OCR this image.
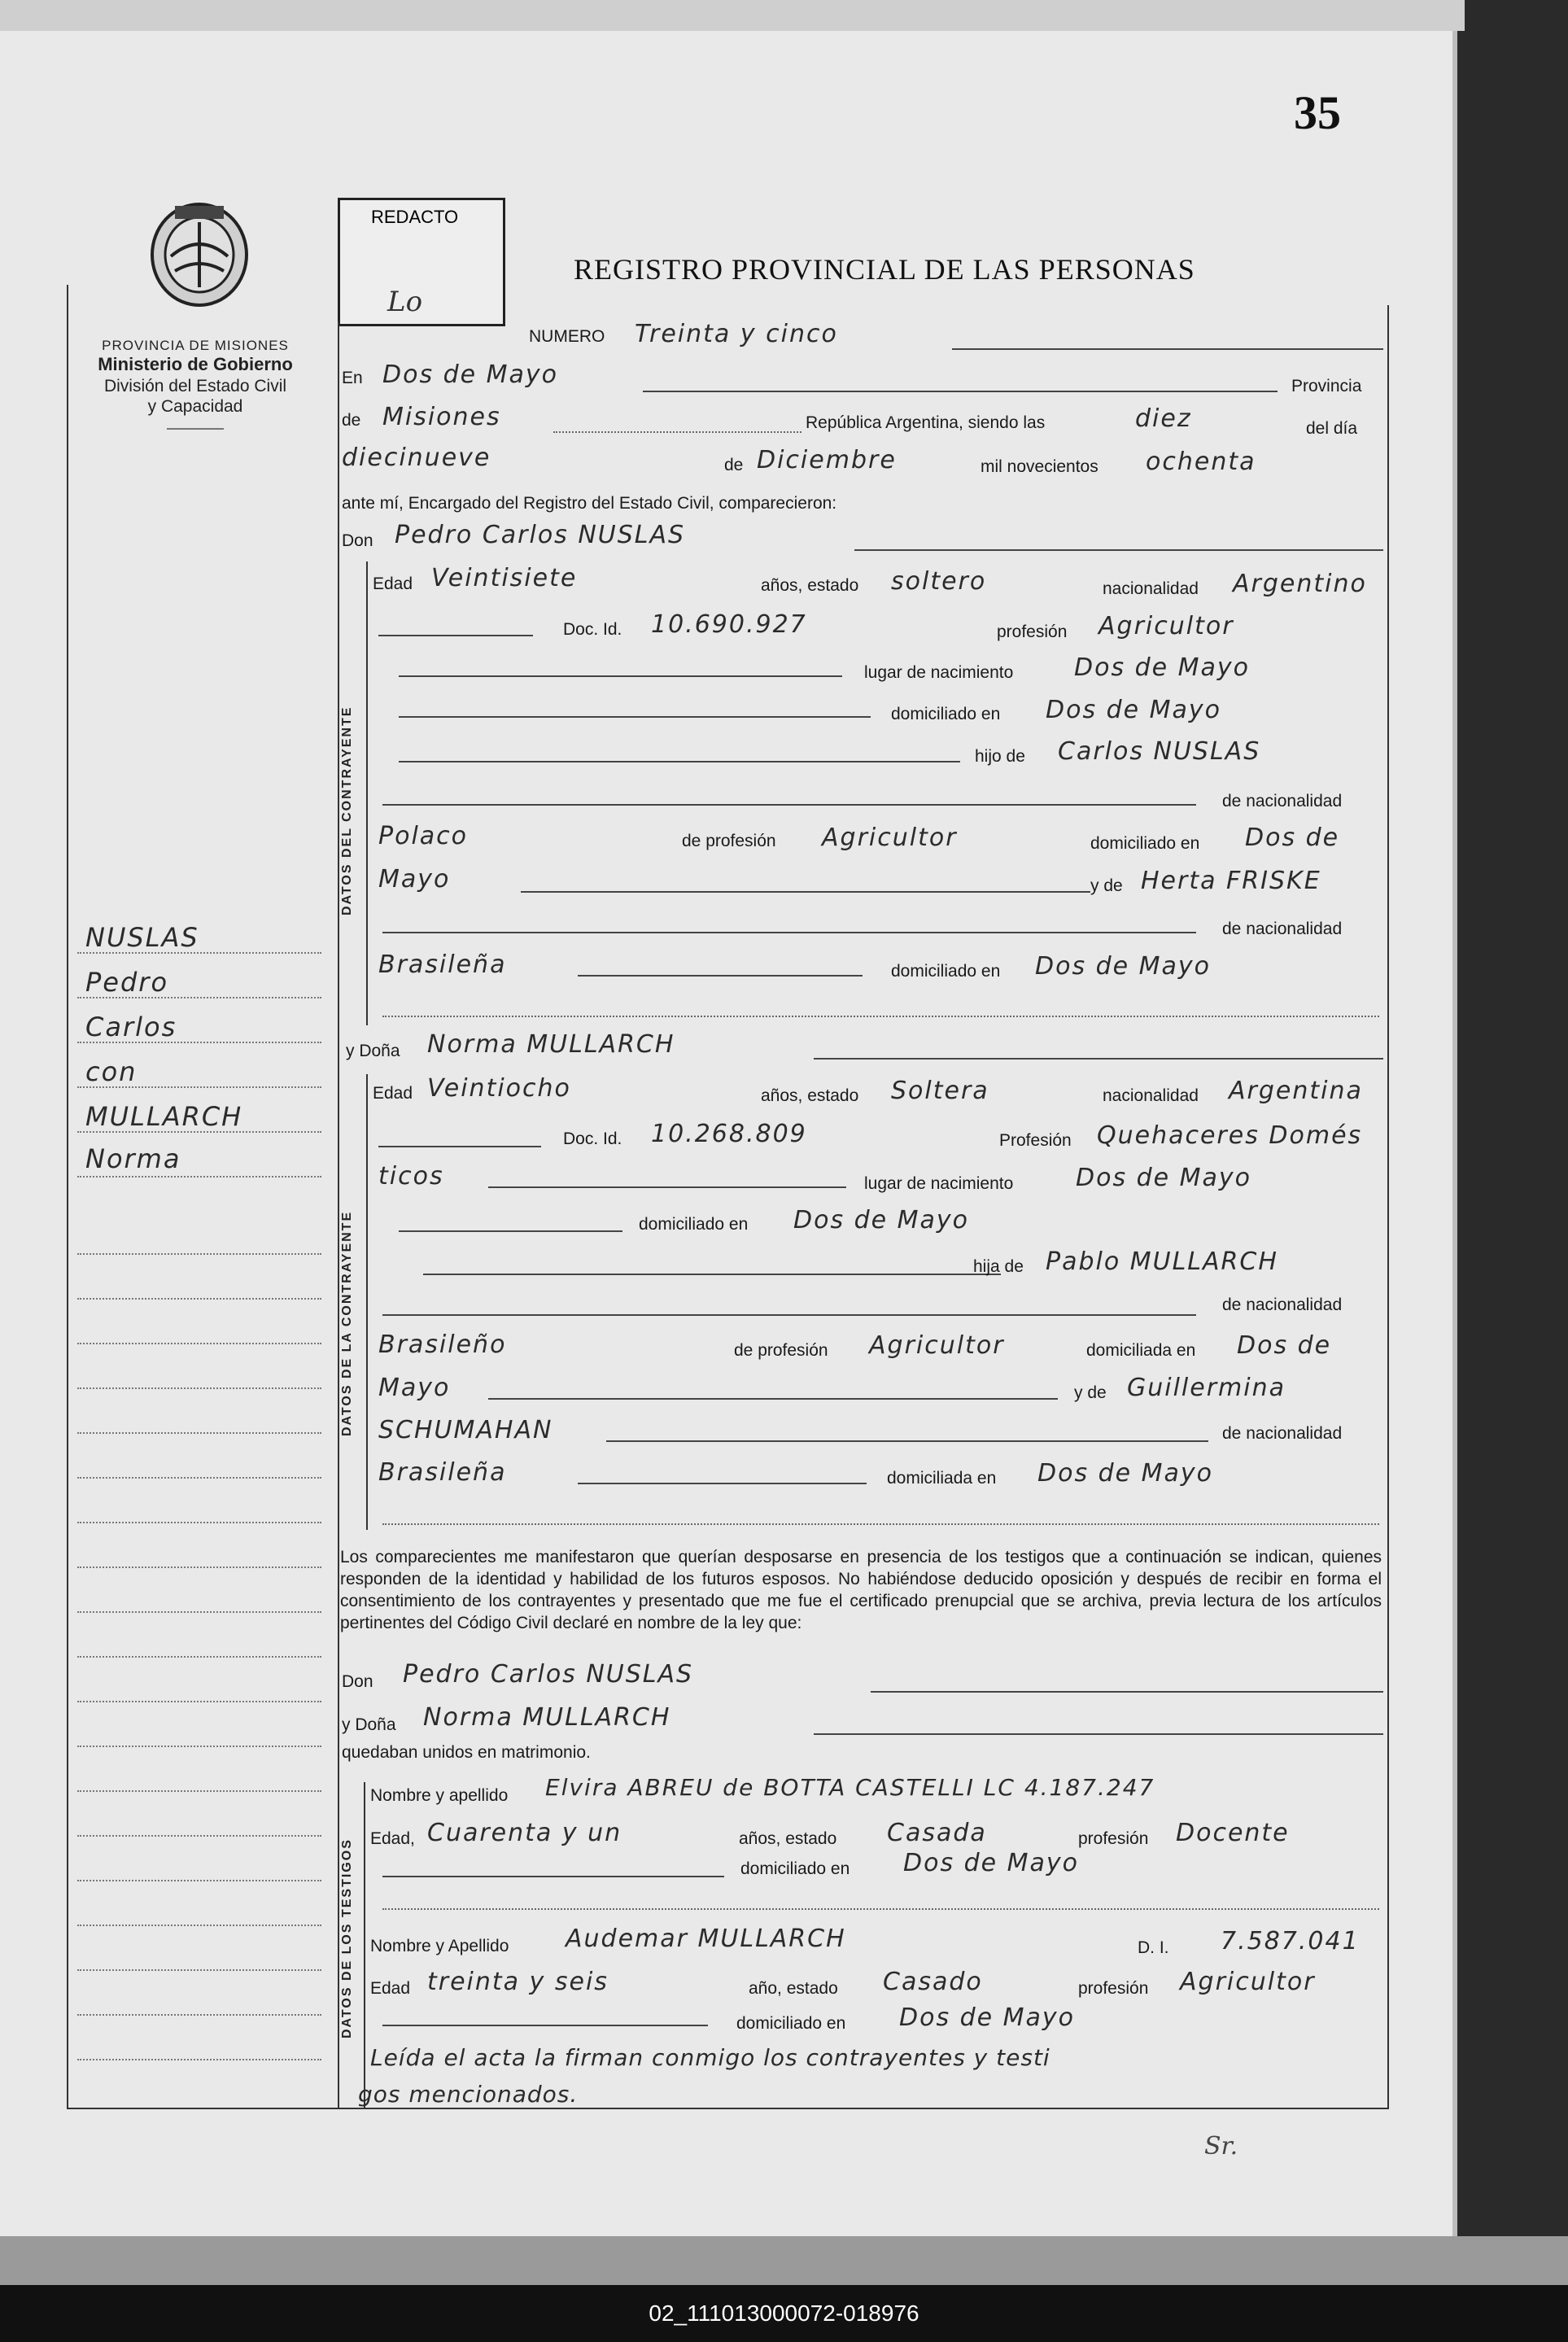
35
PROVINCIA DE MISIONES
Ministerio de Gobierno
División del Estado Civil
y Capacidad
REDACTO
Lo
REGISTRO PROVINCIAL DE LAS PERSONAS
NUSLAS
Pedro
Carlos
con
MULLARCH
Norma
NUMERO Treinta y cinco
En Dos de Mayo	Provincia
de Misiones	República Argentina, siendo las	diez	del día
diecinueve	de Diciembre	mil novecientos ochenta
ante mí, Encargado del Registro del Estado Civil, comparecieron:
Don Pedro Carlos NUSLAS
DATOS DEL CONTRAYENTE
Edad Veintisiete	años, estado soltero	nacionalidad Argentino
Doc. Id. 10.690.927	profesión Agricultor
lugar de nacimiento Dos de Mayo
domiciliado en Dos de Mayo
hijo de Carlos NUSLAS
de nacionalidad
Polaco	de profesión Agricultor	domiciliado en Dos de
Mayo	y de Herta FRISKE
de nacionalidad
Brasileña	domiciliado en Dos de Mayo
y Doña Norma MULLARCH
DATOS DE LA CONTRAYENTE
Edad Veintiocho	años, estado Soltera	nacionalidad Argentina
Doc. Id. 10.268.809	Profesión Quehaceres Domés
ticos	lugar de nacimiento	Dos de Mayo
domiciliado en Dos de Mayo
hija de Pablo MULLARCH
de nacionalidad
Brasileño	de profesión Agricultor	domiciliada en Dos de
Mayo	y de Guillermina
SCHUMAHAN	de nacionalidad
Brasileña	domiciliada en Dos de Mayo
Los comparecientes me manifestaron que querían desposarse en presencia de los testigos que a continuación se indican, quienes responden de la identidad y habilidad de los futuros esposos. No habiéndose deducido oposición y después de recibir en forma el consentimiento de los contrayentes y presentado que me fue el certificado prenupcial que se archiva, previa lectura de los artículos pertinentes del Código Civil declaré en nombre de la ley que:
Don Pedro Carlos NUSLAS
y Doña Norma MULLARCH
quedaban unidos en matrimonio.
DATOS DE LOS TESTIGOS
Nombre y apellido Elvira ABREU de BOTTA CASTELLI LC 4.187.247
Edad, Cuarenta y un	años, estado Casada	profesión Docente
domiciliado en Dos de Mayo
Nombre y Apellido Audemar MULLARCH	D. I. 7.587.041
Edad treinta y seis	año, estado Casado	profesión Agricultor
domiciliado en Dos de Mayo
Leída el acta la firman conmigo los contrayentes y testi
gos mencionados.
Sr.
02_111013000072-018976
